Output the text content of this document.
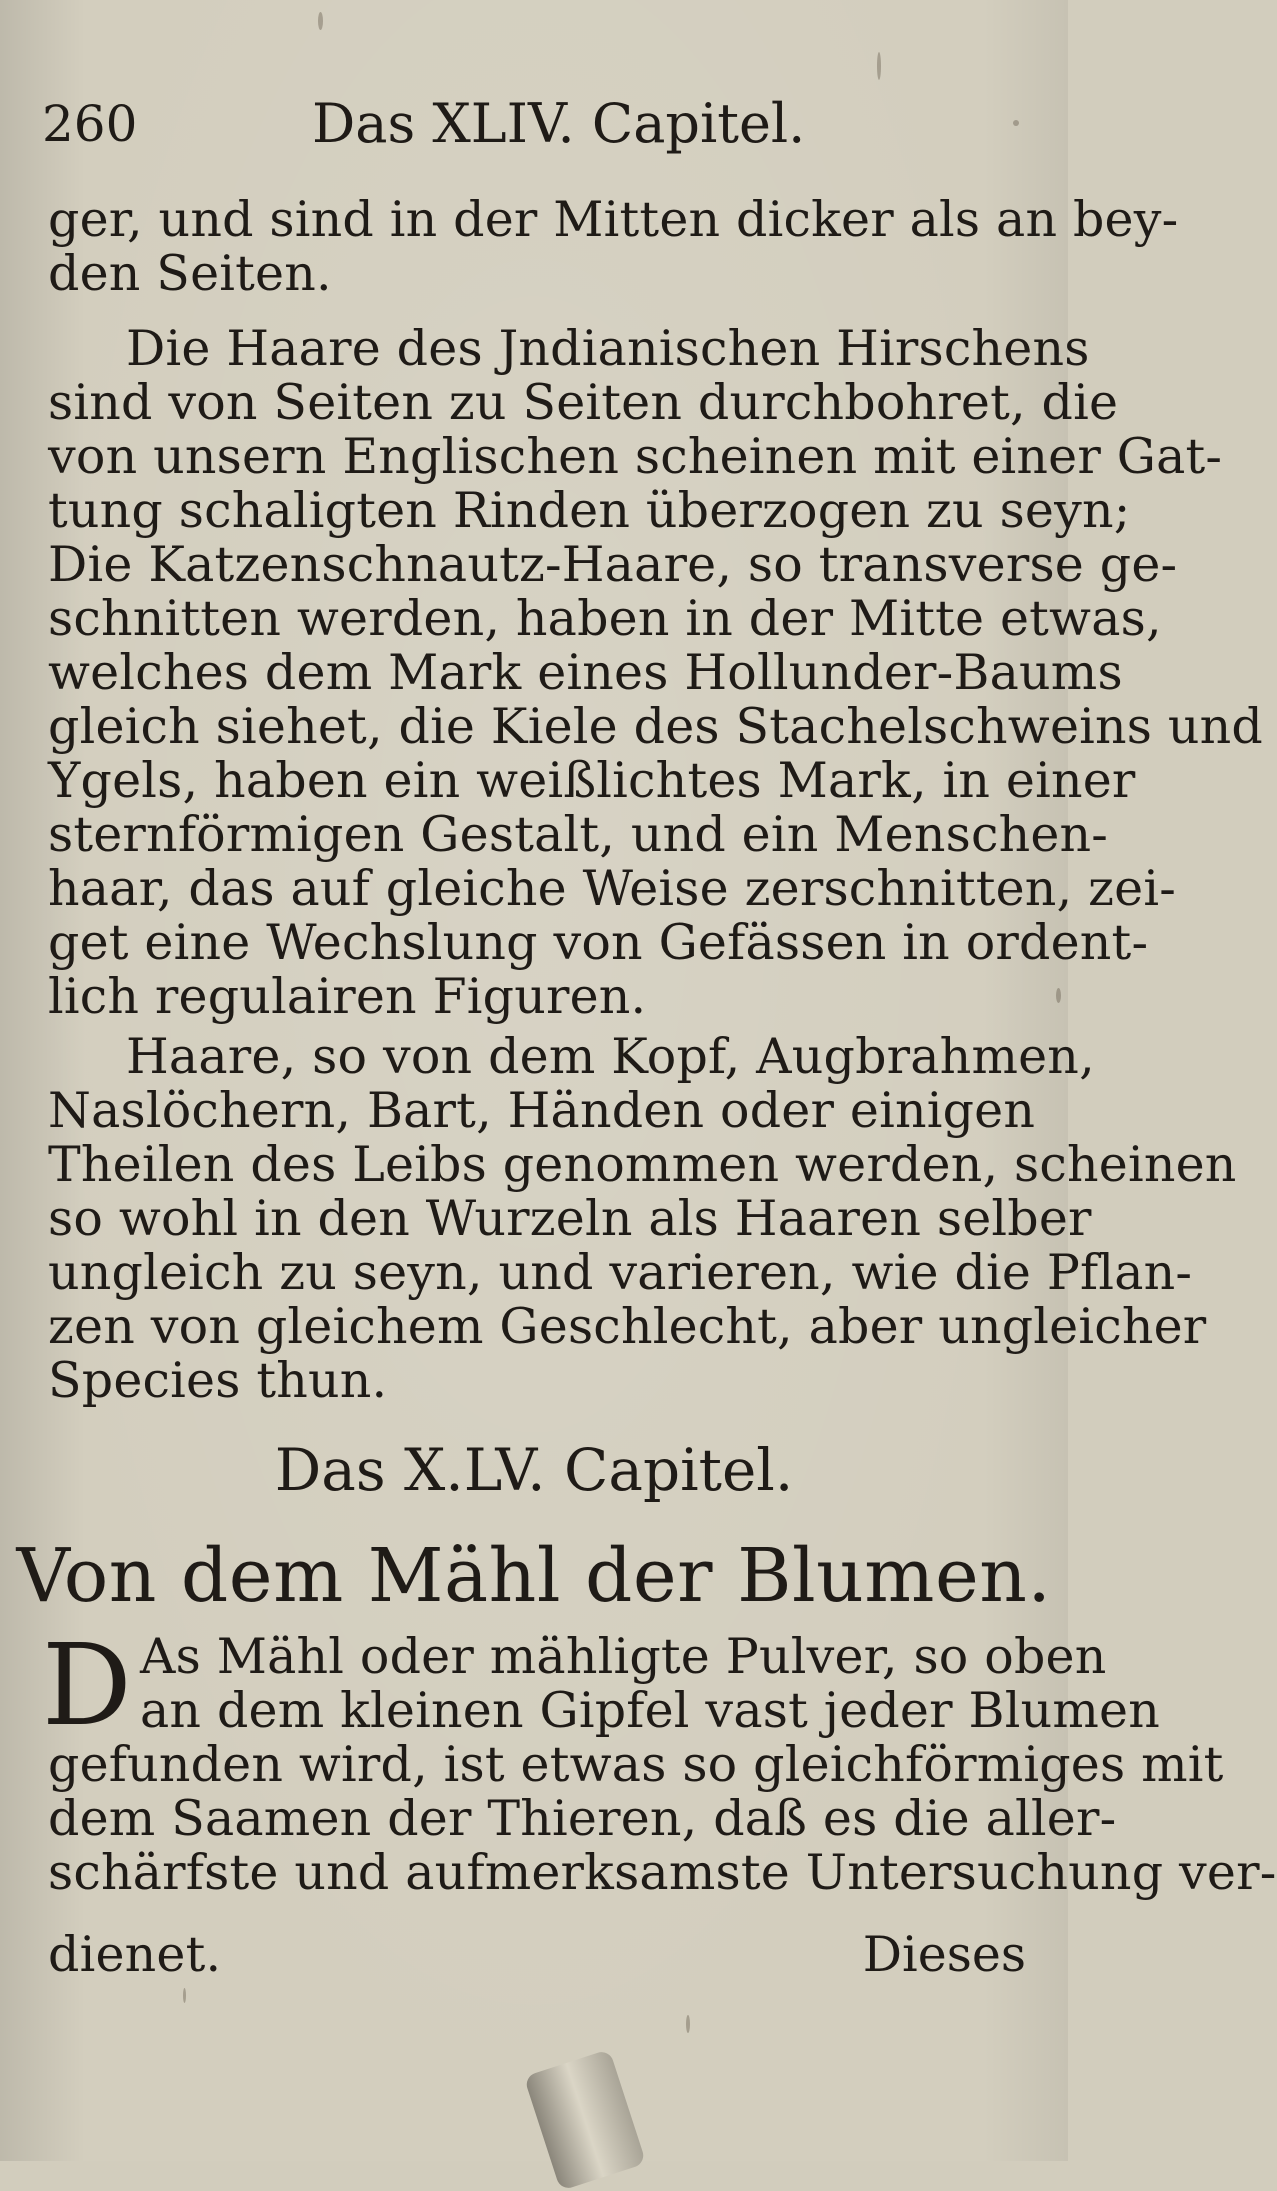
260	Das XLIV. Capitel.
ger, und sind in der Mitten dicker als an bey-
den Seiten.
Die Haare des Jndianischen Hirschens
sind von Seiten zu Seiten durchbohret, die
von unsern Englischen scheinen mit einer Gat-
tung schaligten Rinden überzogen zu seyn;
Die Katzenschnautz-Haare, so transverse ge-
schnitten werden, haben in der Mitte etwas,
welches dem Mark eines Hollunder-Baums
gleich siehet, die Kiele des Stachelschweins und
Ygels, haben ein weißlichtes Mark, in einer
sternförmigen Gestalt, und ein Menschen-
haar, das auf gleiche Weise zerschnitten, zei-
get eine Wechslung von Gefässen in ordent-
lich regulairen Figuren.
Haare, so von dem Kopf, Augbrahmen,
Naslöchern, Bart, Händen oder einigen
Theilen des Leibs genommen werden, scheinen
so wohl in den Wurzeln als Haaren selber
ungleich zu seyn, und varieren, wie die Pflan-
zen von gleichem Geschlecht, aber ungleicher
Species thun.
Das X.LV. Capitel.
Von dem Mähl der Blumen.
D As Mähl oder mähligte Pulver, so oben
an dem kleinen Gipfel vast jeder Blumen
gefunden wird, ist etwas so gleichförmiges mit
dem Saamen der Thieren, daß es die aller-
schärfste und aufmerksamste Untersuchung ver-
dienet.	Dieses
